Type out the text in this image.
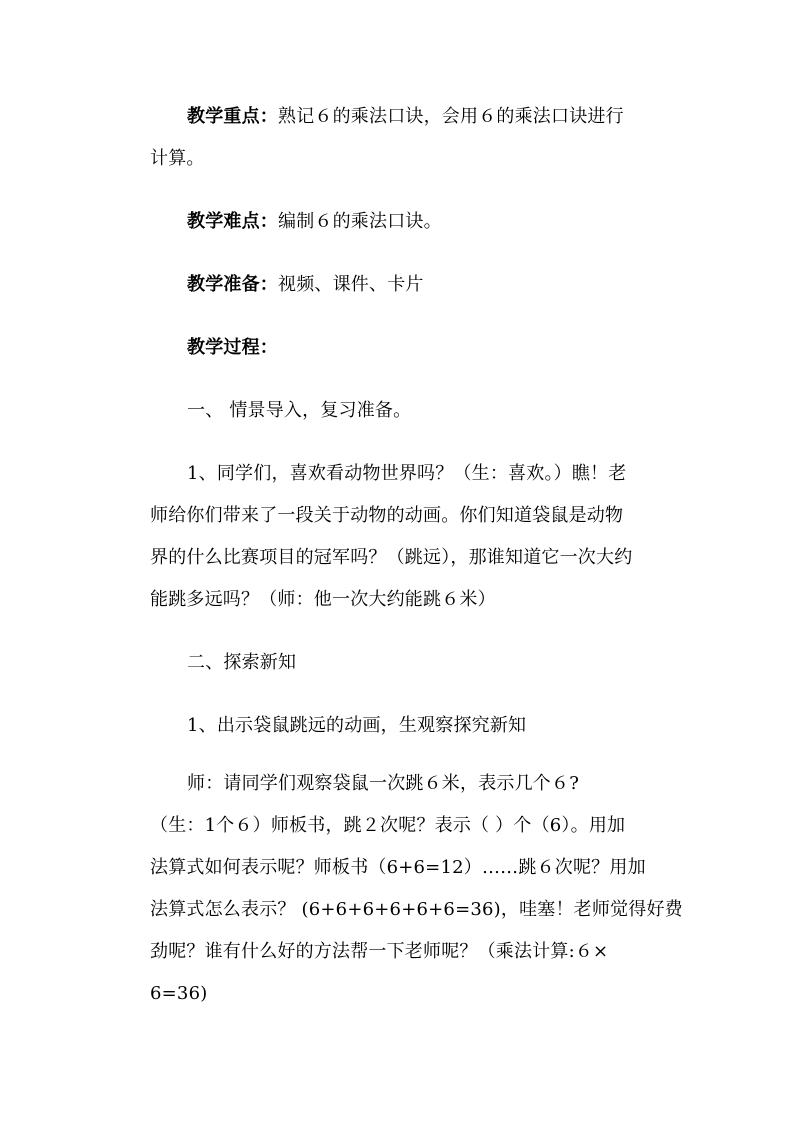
教学重点：熟记６的乘法口诀，会用６的乘法口诀进行
计算。
教学难点：编制６的乘法口诀。
教学准备：视频、课件、卡片
教学过程：
一、 情景导入，复习准备。
1、同学们，喜欢看动物世界吗？（生：喜欢。）瞧！老
师给你们带来了一段关于动物的动画。你们知道袋鼠是动物
界的什么比赛项目的冠军吗？（跳远），那谁知道它一次大约
能跳多远吗？（师：他一次大约能跳６米）
二、探索新知
1、出示袋鼠跳远的动画，生观察探究新知
师：请同学们观察袋鼠一次跳６米，表示几个６?
（生：1个６）师板书，跳２次呢？表示（ ）个（6）。用加
法算式如何表示呢？师板书（6+6=12）……跳６次呢？用加
法算式怎么表示？ (6+6+6+6+6+6=36)，哇塞！老师觉得好费
劲呢？谁有什么好的方法帮一下老师呢？（乘法计算:６×
6=36)
